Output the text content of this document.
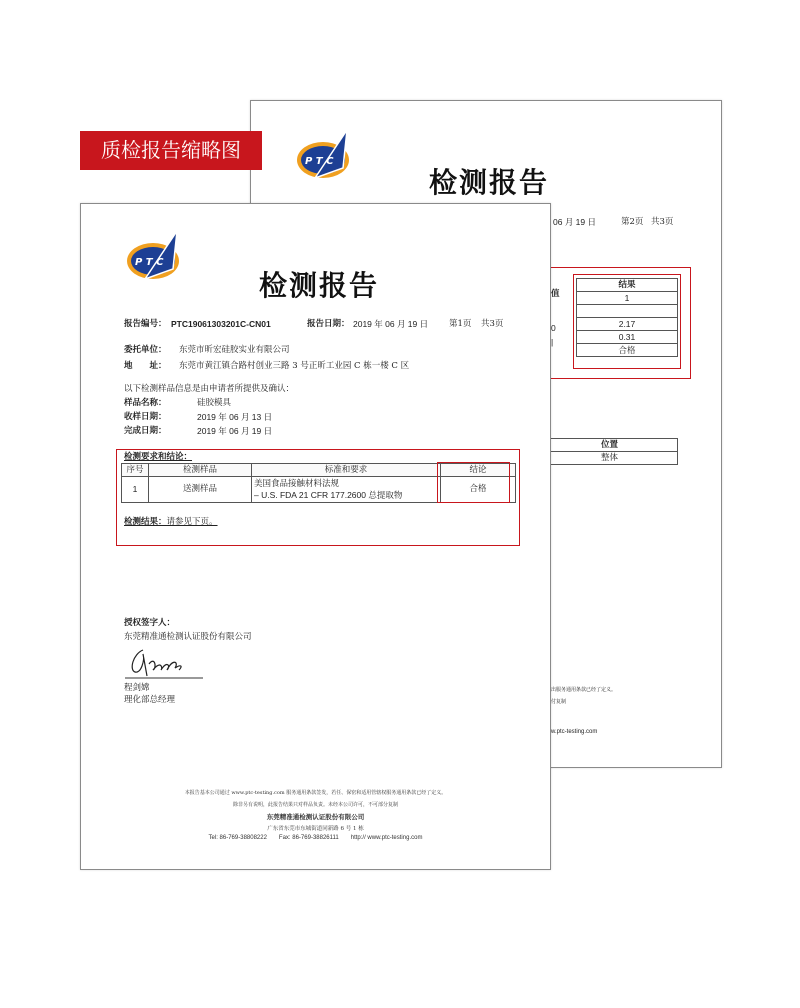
质检报告缩略图	P T C
检测报告
06 月 19 日	第2页 共3页
值
0
|
结果
1

2.17
0.31
合格
位置
整体
出服务通用条款已经了定义。
付复制
w.ptc-testing.com
P T C
检测报告
报告编号： PTC19061303201C-CN01	报告日期： 2019 年 06 月 19 日 第1页 共3页
委托单位： 东莞市昕宏硅胶实业有限公司
地　　址： 东莞市黄江镇合路村创业三路 3 号正昕工业园 C 栋一楼 C 区
以下检测样品信息是由申请者所提供及确认：
样品名称：	硅胶模具
收样日期：	2019 年 06 月 13 日
完成日期：	2019 年 06 月 19 日
检测要求和结论：
序号	检测样品	标准和要求	结论
1	送测样品	美国食品接触材料法规
– U.S. FDA 21 CFR 177.2600 总提取物	合格
检测结果：请参见下页。
授权签字人：
东莞精准通检测认证股份有限公司
程剑嫦
理化部总经理
本报告基本公司通过 www.ptc-testing.com 服务通用条款签发，若任、保密和适用管辖权服务通用条款已经了定义。
除非另有说明，此报告结果只对样品负责。未经本公司许可，不可部分复制
东莞精准通检测认证股份有限公司
广东省东莞市东城街道同新路 6 号 1 栋
Tel: 86-769-38808222　　Fax: 86-769-38826111　　http:// www.ptc-testing.com
